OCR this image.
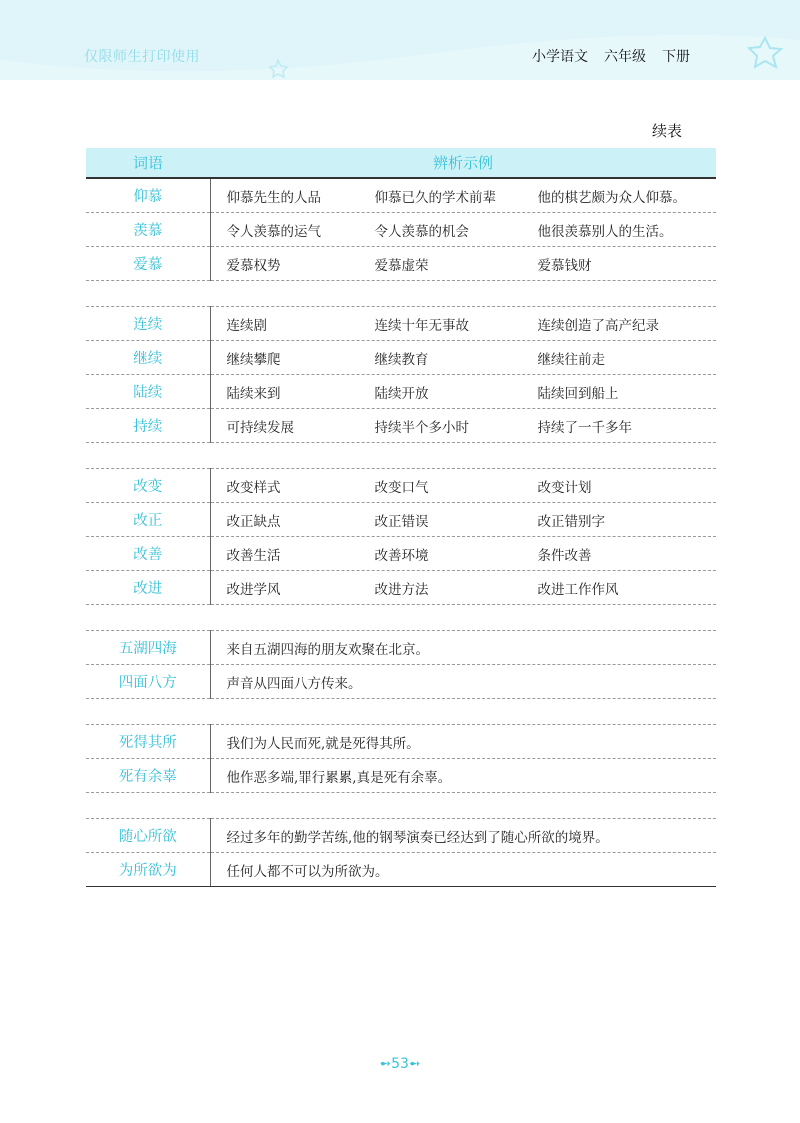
仅限师生打印使用	小学语文 六年级 下册
续表
词语	辨析示例
仰慕	仰慕先生的人品 仰慕已久的学术前辈 他的棋艺颇为众人仰慕。
羡慕	令人羡慕的运气 令人羡慕的机会 他很羡慕别人的生活。
爱慕	爱慕权势 爱慕虚荣 爱慕钱财

连续	连续剧 连续十年无事故 连续创造了高产纪录
继续	继续攀爬 继续教育 继续往前走
陆续	陆续来到 陆续开放 陆续回到船上
持续	可持续发展 持续半个多小时 持续了一千多年

改变	改变样式 改变口气 改变计划
改正	改正缺点 改正错误 改正错别字
改善	改善生活 改善环境 条件改善
改进	改进学风 改进方法 改进工作作风

五湖四海	来自五湖四海的朋友欢聚在北京。
四面八方	声音从四面八方传来。

死得其所	我们为人民而死,就是死得其所。
死有余辜	他作恶多端,罪行累累,真是死有余辜。

随心所欲	经过多年的勤学苦练,他的钢琴演奏已经达到了随心所欲的境界。
为所欲为	任何人都不可以为所欲为。
➻53➻
